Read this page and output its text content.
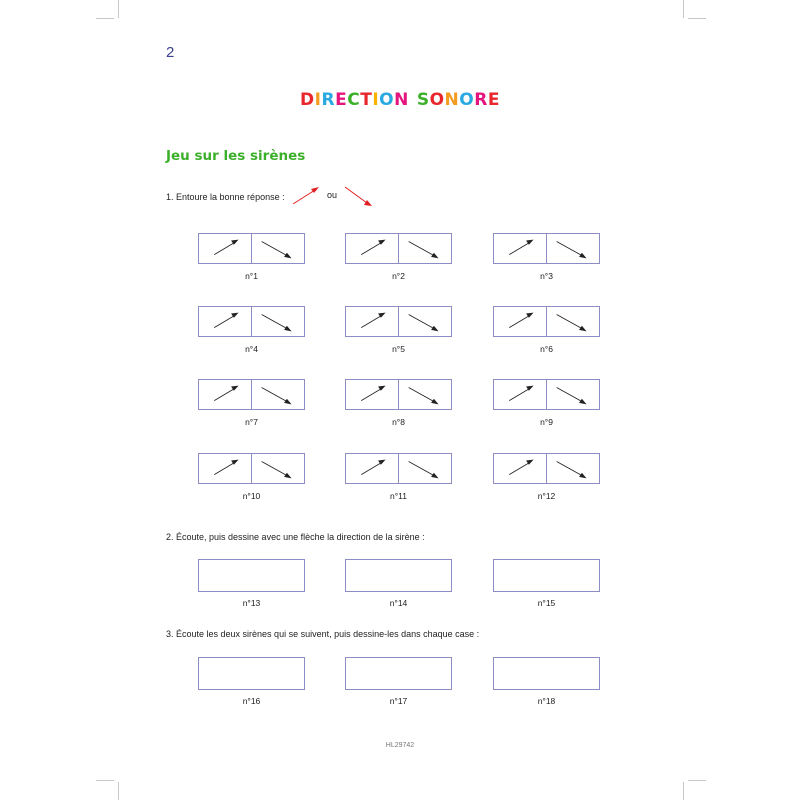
2
DIRECTION SONORE
Jeu sur les sirènes
1. Entoure la bonne réponse :	ou
n°1	n°2	n°3
n°4	n°5	n°6
n°7	n°8	n°9
n°10	n°11	n°12
2. Écoute, puis dessine avec une flèche la direction de la sirène :
n°13	n°14	n°15
3. Écoute les deux sirènes qui se suivent, puis dessine-les dans chaque case :
n°16	n°17	n°18
HL29742
